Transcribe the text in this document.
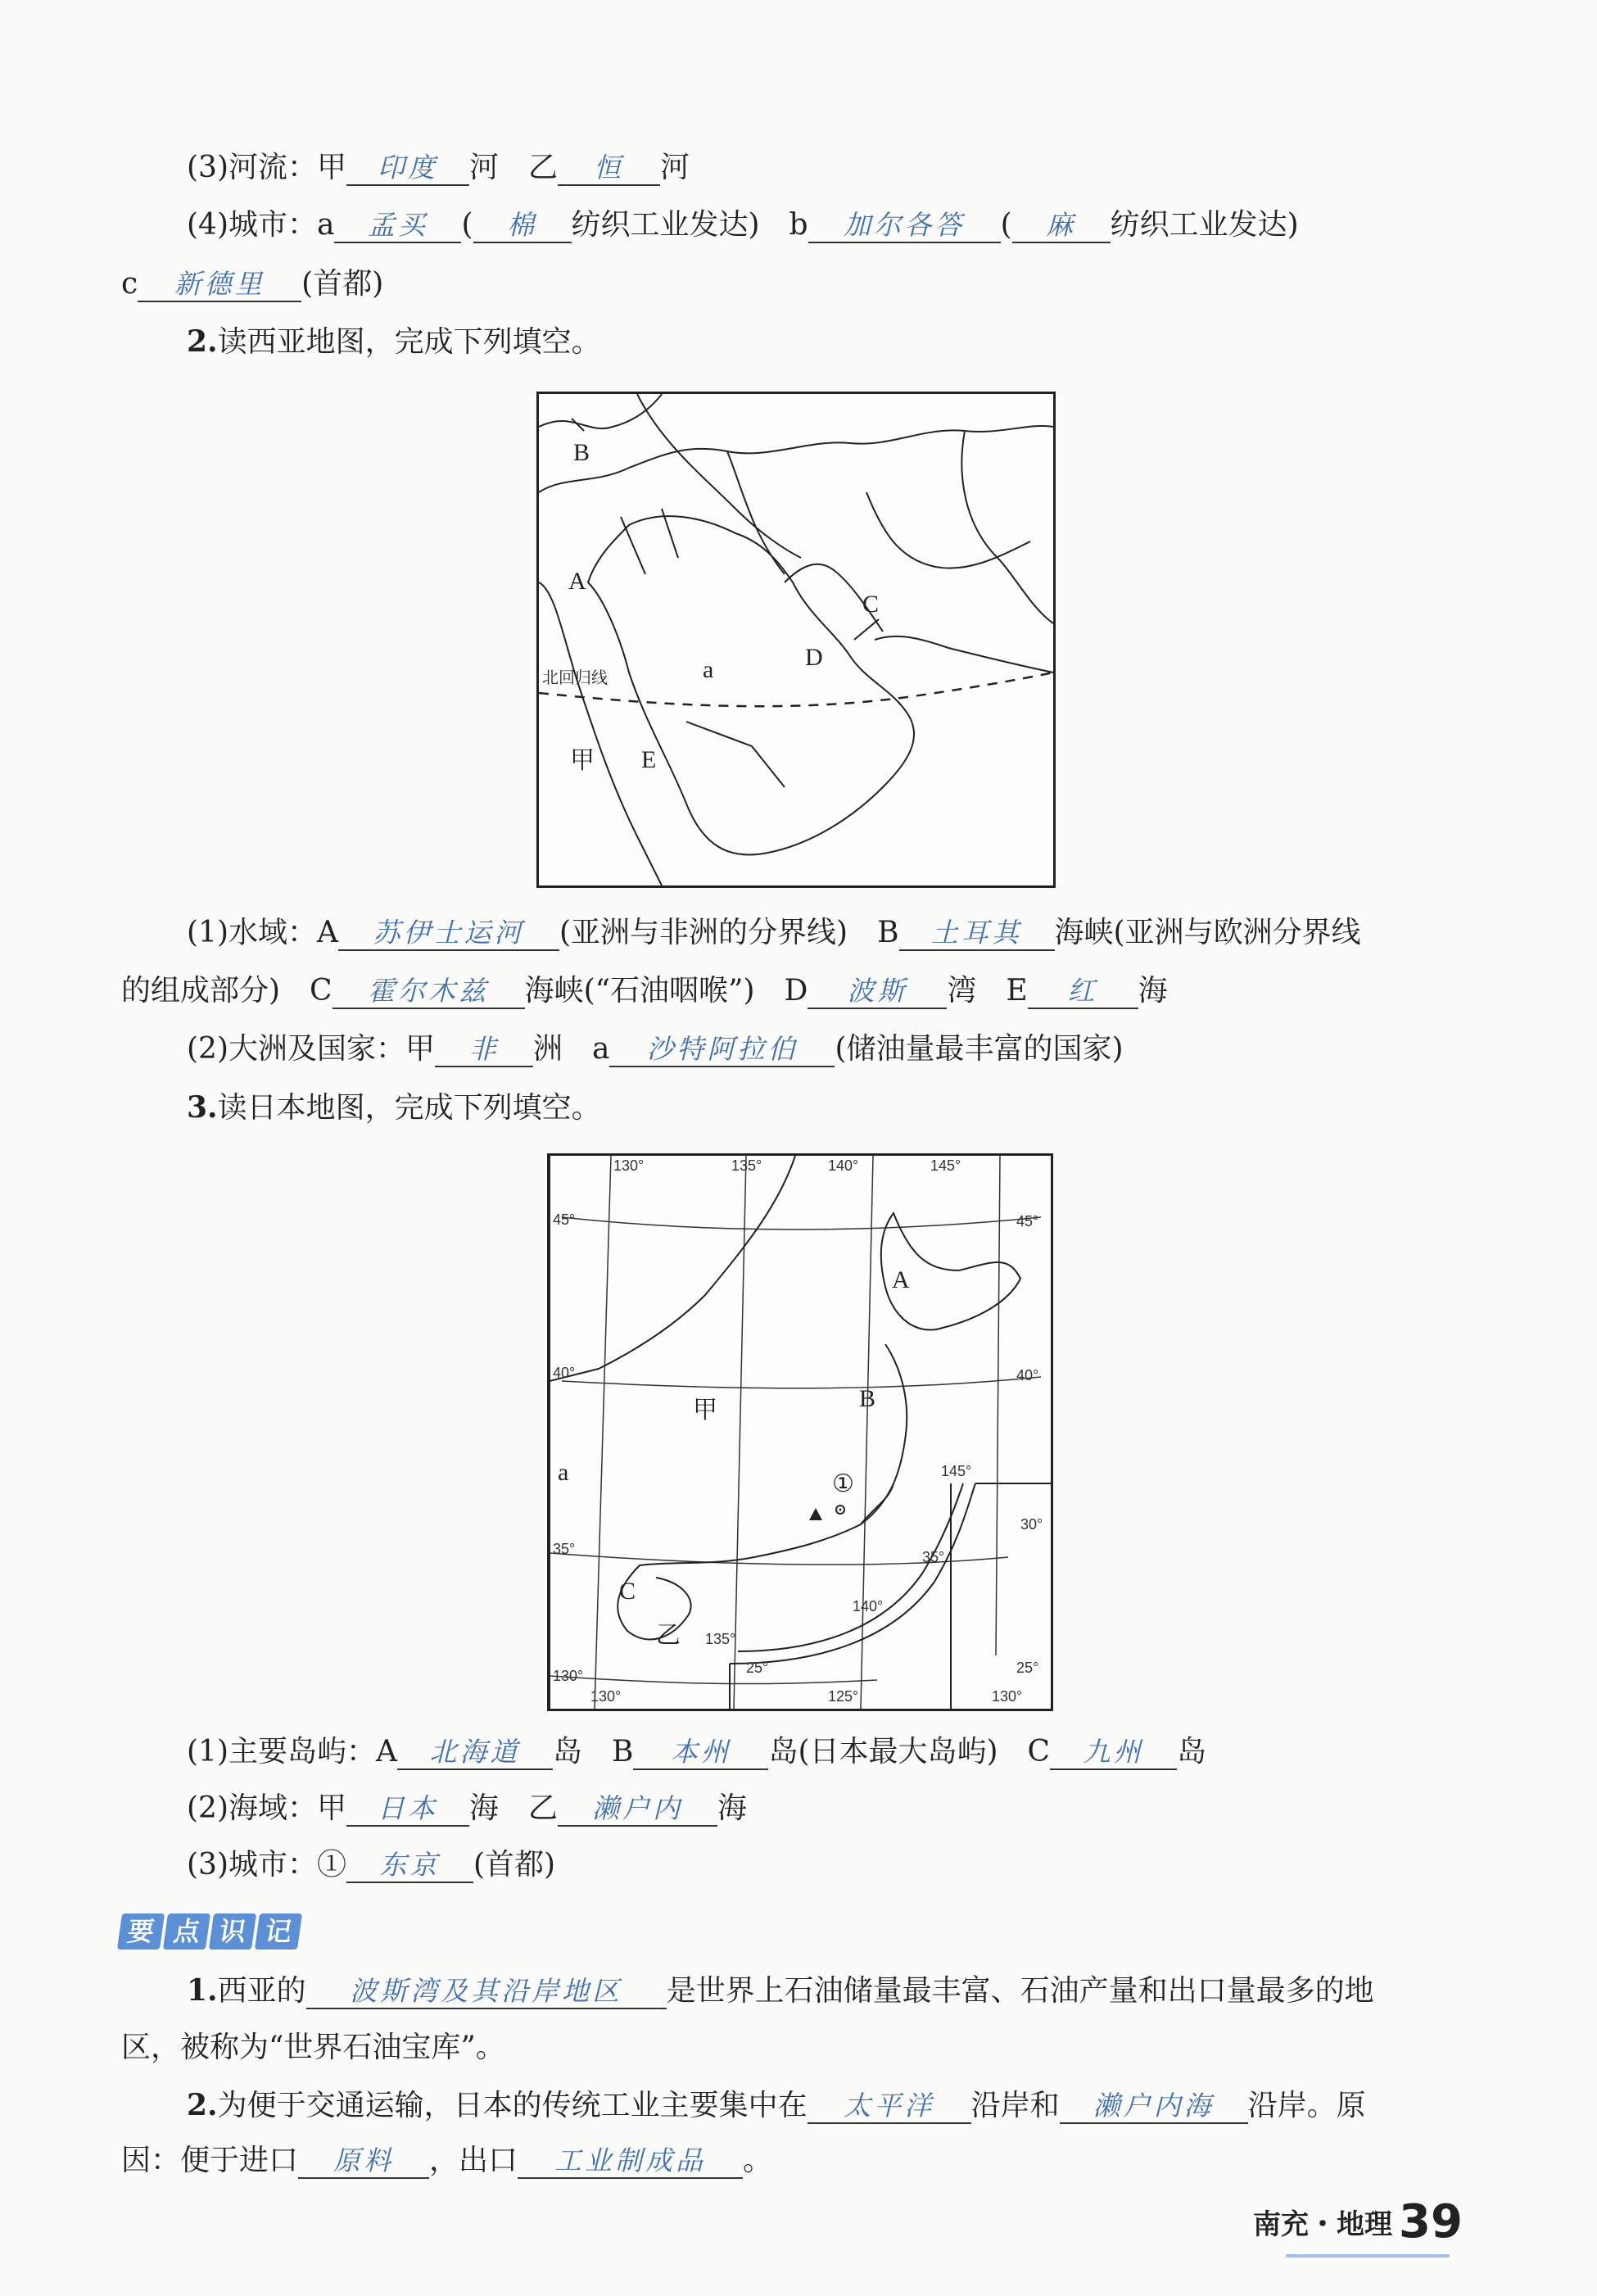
(3)河流：甲 印度 河　乙 恒 河
(4)城市：a 孟买 ( 棉 纺织工业发达)　b 加尔各答 ( 麻 纺织工业发达)
c 新德里 (首都)
2.读西亚地图，完成下列填空。
B
A
C
D
a
E
甲
北回归线
(1)水域：A 苏伊士运河 (亚洲与非洲的分界线)　B 土耳其 海峡(亚洲与欧洲分界线
的组成部分)　C 霍尔木兹 海峡(“石油咽喉”)　D 波斯 湾　E 红 海
(2)大洲及国家：甲 非 洲　a 沙特阿拉伯 (储油量最丰富的国家)
3.读日本地图，完成下列填空。
A
B
甲
a	①
C
乙
130°	135°	140°	145°
45°	45°
40°	40°
35°	35°
140°
135°
130°
130°
125°	130°
25°	25°
145°
30°
(1)主要岛屿：A 北海道 岛　B 本州 岛(日本最大岛屿)　C 九州 岛
(2)海域：甲 日本 海　乙 濑户内 海
(3)城市：① 东京 (首都)
要 点 识 记
1.西亚的 波斯湾及其沿岸地区 是世界上石油储量最丰富、石油产量和出口量最多的地
区，被称为“世界石油宝库”。
2.为便于交通运输，日本的传统工业主要集中在 太平洋 沿岸和 濑户内海 沿岸。原
因：便于进口 原料 ，出口 工业制成品 。
南充・地理 39
